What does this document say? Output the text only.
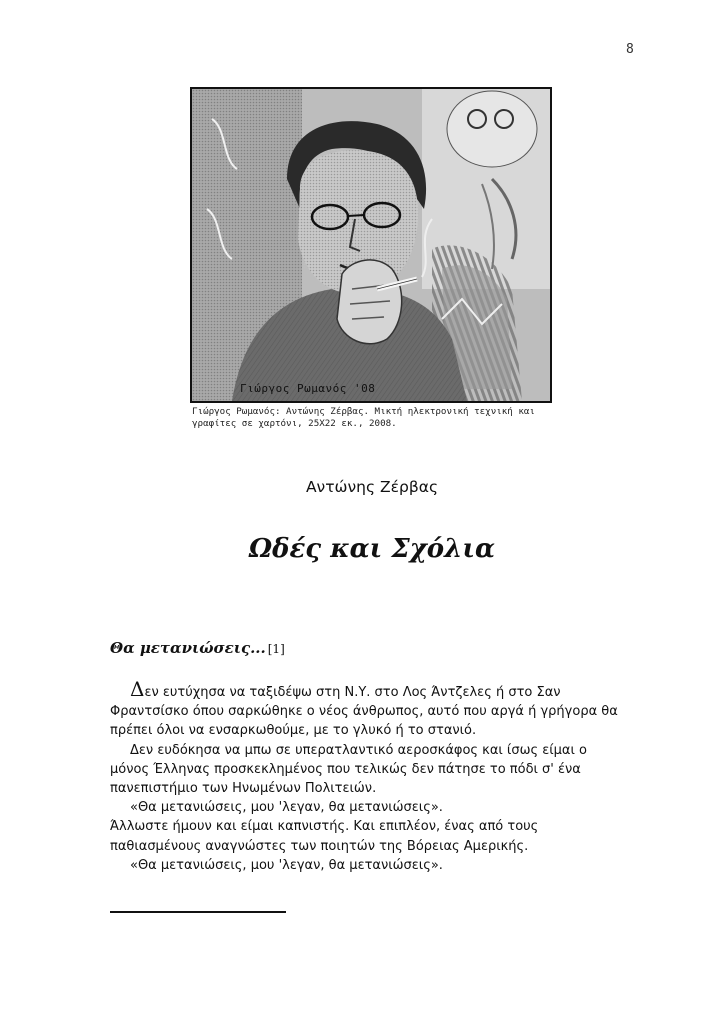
8
Γιώργος Ρωμανός '08
Γιώργος Ρωμανός: Αντώνης Ζέρβας. Μικτή ηλεκτρονική τεχνική και γραφίτες σε χαρτόνι, 25Χ22 εκ., 2008.
Αντώνης Ζέρβας
Ωδές και Σχόλια
Θα μετανιώσεις... [1]

Δεν ευτύχησα να ταξιδέψω στη Ν.Υ. στο Λος Άντζελες ή στο Σαν Φραντσίσκο όπου σαρκώθηκε ο νέος άνθρωπος, αυτό που αργά ή γρήγορα θα πρέπει όλοι να ενσαρκωθούμε, με το γλυκό ή το στανιό.

Δεν ευδόκησα να μπω σε υπερατλαντικό αεροσκάφος και ίσως είμαι ο μόνος Έλληνας προσκεκλημένος που τελικώς δεν πάτησε το πόδι σ' ένα πανεπιστήμιο των Ηνωμένων Πολιτειών.

«Θα μετανιώσεις, μου 'λεγαν, θα μετανιώσεις».

Άλλωστε ήμουν και είμαι καπνιστής. Και επιπλέον, ένας από τους παθιασμένους αναγνώστες των ποιητών της Βόρειας Αμερικής.

«Θα μετανιώσεις, μου 'λεγαν, θα μετανιώσεις».
